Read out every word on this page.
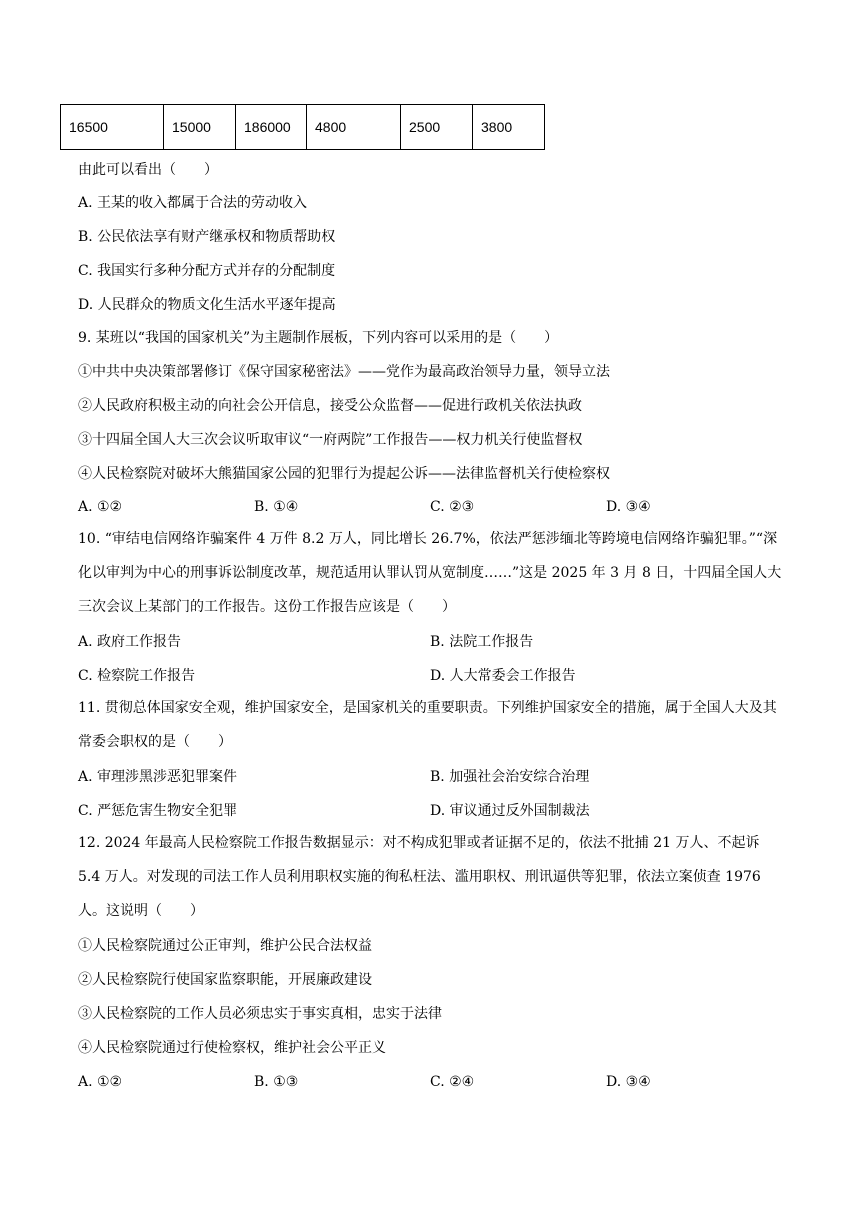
16500	15000	186000	4800	2500	3800
由此可以看出（　　）
A. 王某的收入都属于合法的劳动收入
B. 公民依法享有财产继承权和物质帮助权
C. 我国实行多种分配方式并存的分配制度
D. 人民群众的物质文化生活水平逐年提高
9. 某班以“我国的国家机关”为主题制作展板，下列内容可以采用的是（　　）
①中共中央决策部署修订《保守国家秘密法》——党作为最高政治领导力量，领导立法
②人民政府积极主动的向社会公开信息，接受公众监督——促进行政机关依法执政
③十四届全国人大三次会议听取审议“一府两院”工作报告——权力机关行使监督权
④人民检察院对破坏大熊猫国家公园的犯罪行为提起公诉——法律监督机关行使检察权
A. ①②	B. ①④	C. ②③	D. ③④
10. “审结电信网络诈骗案件 4 万件 8.2 万人，同比增长 26.7%，依法严惩涉缅北等跨境电信网络诈骗犯罪。”“深化以审判为中心的刑事诉讼制度改革，规范适用认罪认罚从宽制度……”这是 2025 年 3 月 8 日，十四届全国人大三次会议上某部门的工作报告。这份工作报告应该是（　　）
A. 政府工作报告	B. 法院工作报告
C. 检察院工作报告	D. 人大常委会工作报告
11. 贯彻总体国家安全观，维护国家安全，是国家机关的重要职责。下列维护国家安全的措施，属于全国人大及其常委会职权的是（　　）
A. 审理涉黑涉恶犯罪案件	B. 加强社会治安综合治理
C. 严惩危害生物安全犯罪	D. 审议通过反外国制裁法
12. 2024 年最高人民检察院工作报告数据显示：对不构成犯罪或者证据不足的，依法不批捕 21 万人、不起诉 5.4 万人。对发现的司法工作人员利用职权实施的徇私枉法、滥用职权、刑讯逼供等犯罪，依法立案侦查 1976 人。这说明（　　）
①人民检察院通过公正审判，维护公民合法权益
②人民检察院行使国家监察职能，开展廉政建设
③人民检察院的工作人员必须忠实于事实真相，忠实于法律
④人民检察院通过行使检察权，维护社会公平正义
A. ①②	B. ①③	C. ②④	D. ③④
